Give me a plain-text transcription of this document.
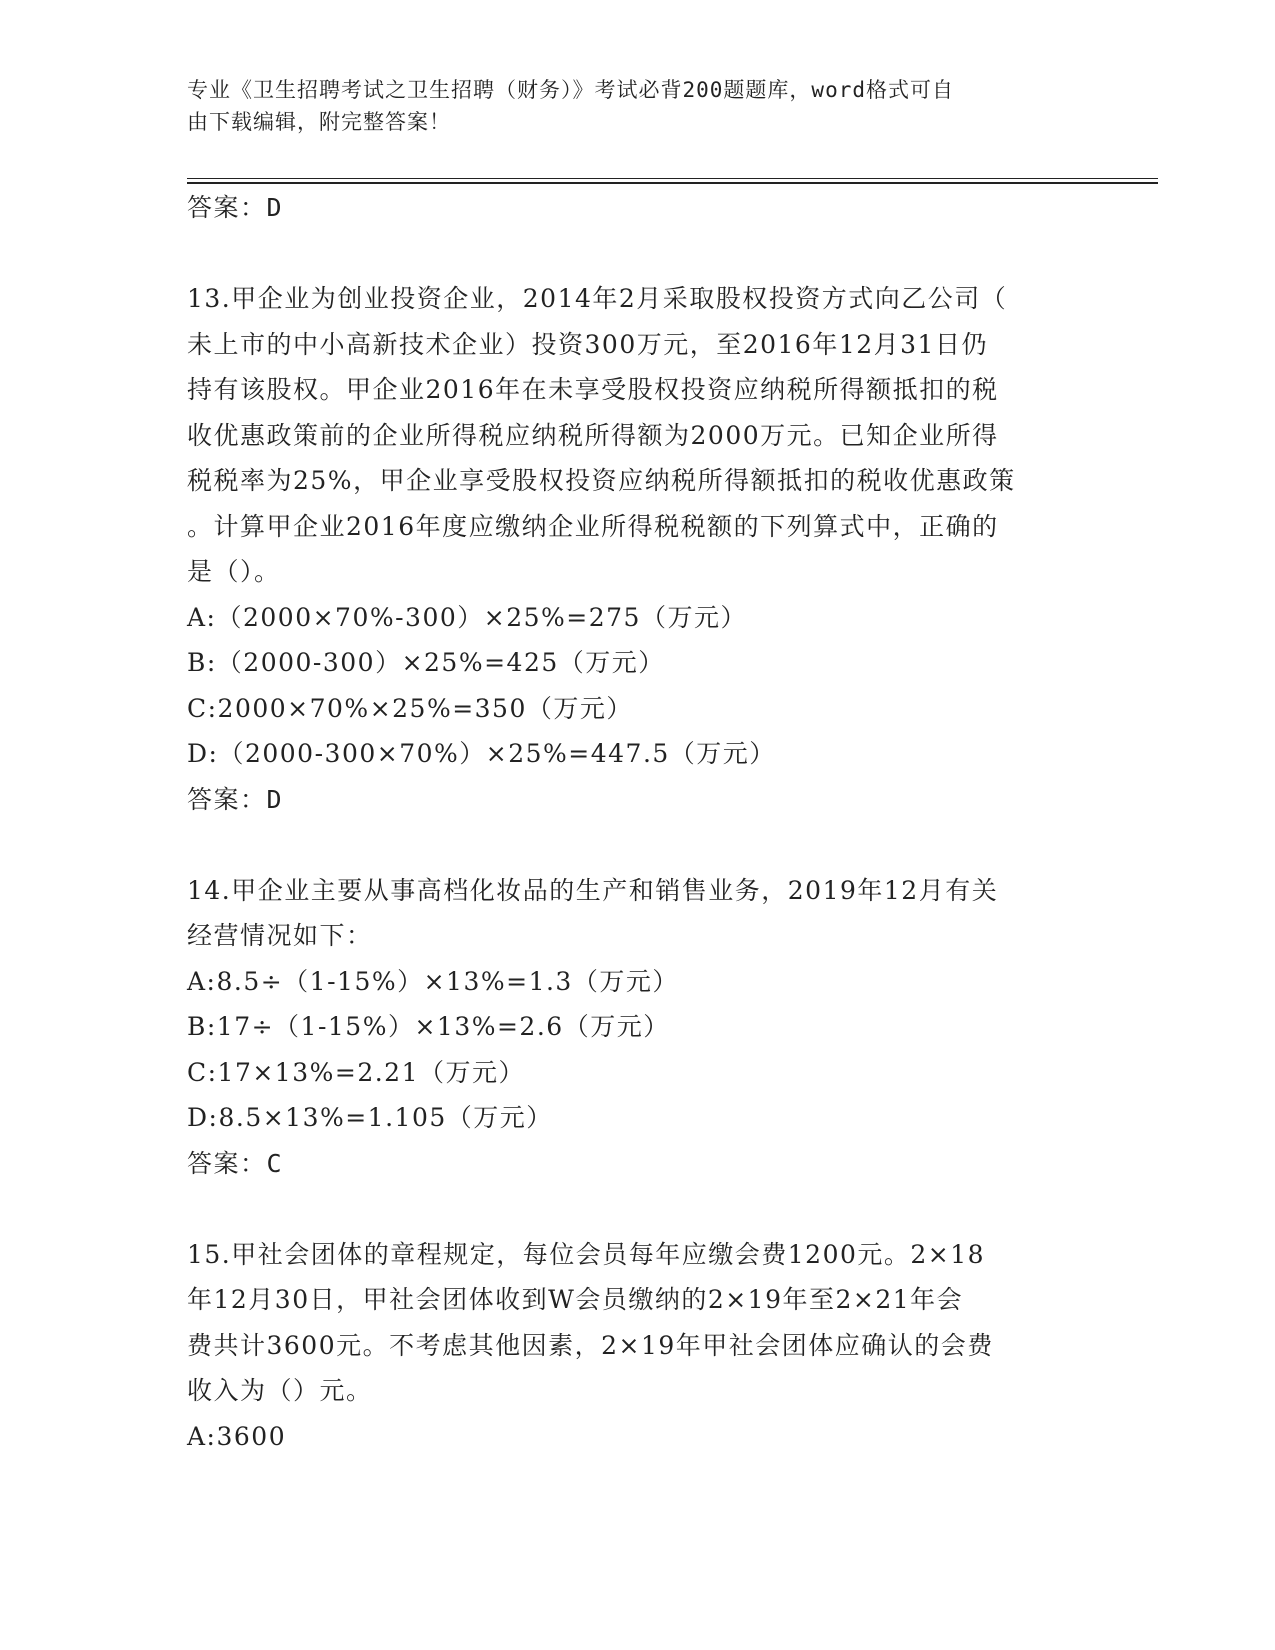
专业《卫生招聘考试之卫生招聘（财务）》考试必背200题题库，word格式可自
由下载编辑，附完整答案！
答案：D
13.甲企业为创业投资企业，2014年2月采取股权投资方式向乙公司（
未上市的中小高新技术企业）投资300万元，至2016年12月31日仍
持有该股权。甲企业2016年在未享受股权投资应纳税所得额抵扣的税
收优惠政策前的企业所得税应纳税所得额为2000万元。已知企业所得
税税率为25%，甲企业享受股权投资应纳税所得额抵扣的税收优惠政策
。计算甲企业2016年度应缴纳企业所得税税额的下列算式中，正确的
是（）。
A:（2000×70%-300）×25%=275（万元）
B:（2000-300）×25%=425（万元）
C:2000×70%×25%=350（万元）
D:（2000-300×70%）×25%=447.5（万元）
答案：D
14.甲企业主要从事高档化妆品的生产和销售业务，2019年12月有关
经营情况如下：
A:8.5÷（1-15%）×13%=1.3（万元）
B:17÷（1-15%）×13%=2.6（万元）
C:17×13%=2.21（万元）
D:8.5×13%=1.105（万元）
答案：C
15.甲社会团体的章程规定，每位会员每年应缴会费1200元。2×18
年12月30日，甲社会团体收到W会员缴纳的2×19年至2×21年会
费共计3600元。不考虑其他因素，2×19年甲社会团体应确认的会费
收入为（）元。
A:3600
